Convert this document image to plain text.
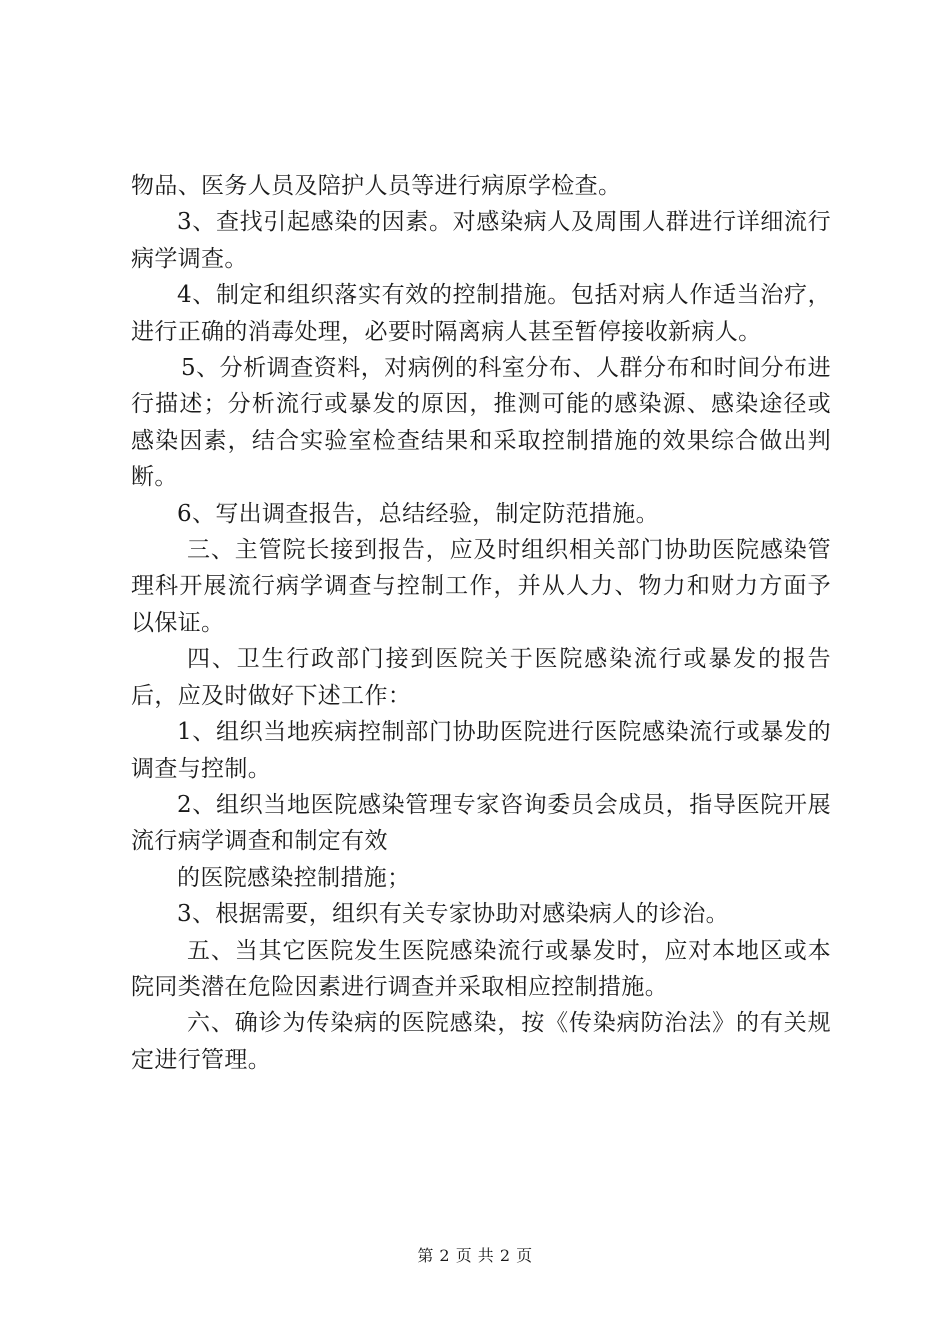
物品、医务人员及陪护人员等进行病原学检查。

3、查找引起感染的因素。对感染病人及周围人群进行详细流行病学调查。

4、制定和组织落实有效的控制措施。包括对病人作适当治疗，进行正确的消毒处理，必要时隔离病人甚至暂停接收新病人。

5、分析调查资料，对病例的科室分布、人群分布和时间分布进行描述；分析流行或暴发的原因，推测可能的感染源、感染途径或感染因素，结合实验室检查结果和采取控制措施的效果综合做出判断。

6、写出调查报告，总结经验，制定防范措施。

三、主管院长接到报告，应及时组织相关部门协助医院感染管理科开展流行病学调查与控制工作，并从人力、物力和财力方面予以保证。

四、卫生行政部门接到医院关于医院感染流行或暴发的报告后，应及时做好下述工作：

1、组织当地疾病控制部门协助医院进行医院感染流行或暴发的调查与控制。

2、组织当地医院感染管理专家咨询委员会成员，指导医院开展流行病学调查和制定有效

的医院感染控制措施；

3、根据需要，组织有关专家协助对感染病人的诊治。

五、当其它医院发生医院感染流行或暴发时，应对本地区或本院同类潜在危险因素进行调查并采取相应控制措施。

六、确诊为传染病的医院感染，按《传染病防治法》的有关规定进行管理。

第 2 页 共 2 页
